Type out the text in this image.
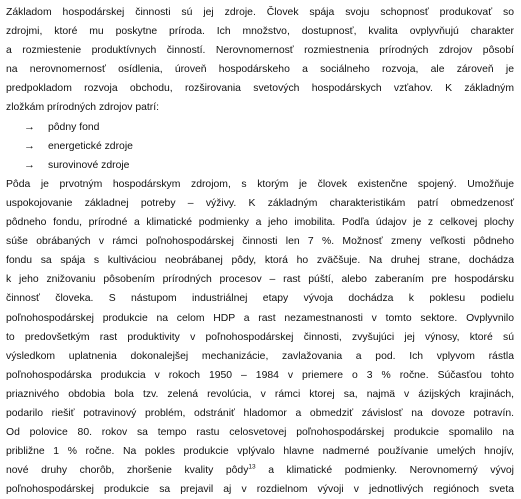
Základom hospodárskej činnosti sú jej zdroje. Človek spája svoju schopnosť produkovať so
zdrojmi, ktoré mu poskytne príroda. Ich množstvo, dostupnosť, kvalita ovplyvňujú charakter
a rozmiestenie produktívnych činností. Nerovnomernosť rozmiestnenia prírodných zdrojov pôsobí
na nerovnomernosť osídlenia, úroveň hospodárskeho a sociálneho rozvoja, ale zároveň je
predpokladom rozvoja obchodu, rozširovania svetových hospodárskych vzťahov. K základným
zložkám prírodných zdrojov patrí:

→ pôdny fond
→ energetické zdroje
→ surovinové zdroje

Pôda je prvotným hospodárskym zdrojom, s ktorým je človek existenčne spojený. Umožňuje
uspokojovanie základnej potreby – výživy. K základným charakteristikám patrí obmedzenosť
pôdneho fondu, prírodné a klimatické podmienky a jeho imobilita. Podľa údajov je z celkovej plochy
súše obrábaných v rámci poľnohospodárskej činnosti len 7 %. Možnosť zmeny veľkosti pôdneho
fondu sa spája s kultiváciou neobrábanej pôdy, ktorá ho zväčšuje. Na druhej strane, dochádza
k jeho znižovaniu pôsobením prírodných procesov – rast púští, alebo zaberaním pre hospodársku
činnosť človeka. S nástupom industriálnej etapy vývoja dochádza k poklesu podielu
poľnohospodárskej produkcie na celom HDP a rast nezamestnanosti v tomto sektore. Ovplyvnilo
to predovšetkým rast produktivity v poľnohospodárskej činnosti, zvyšujúci jej výnosy, ktoré sú
výsledkom uplatnenia dokonalejšej mechanizácie, zavlažovania a pod. Ich vplyvom rástla
poľnohospodárska produkcia v rokoch 1950 – 1984 v priemere o 3 % ročne. Súčasťou tohto
priaznivého obdobia bola tzv. zelená revolúcia, v rámci ktorej sa, najmä v ázijských krajinách,
podarilo riešiť potravinový problém, odstrániť hladomor a obmedziť závislosť na dovoze potravín.
Od polovice 80. rokov sa tempo rastu celosvetovej poľnohospodárskej produkcie spomalilo na
približne 1 % ročne. Na pokles produkcie vplývalo hlavne nadmerné používanie umelých hnojív,
nové druhy chorôb, zhoršenie kvality pôdy$^{13}$ a klimatické podmienky. Nerovnomerný vývoj
poľnohospodárskej produkcie sa prejavil aj v rozdielnom vývoji v jednotlivých regiónoch sveta
